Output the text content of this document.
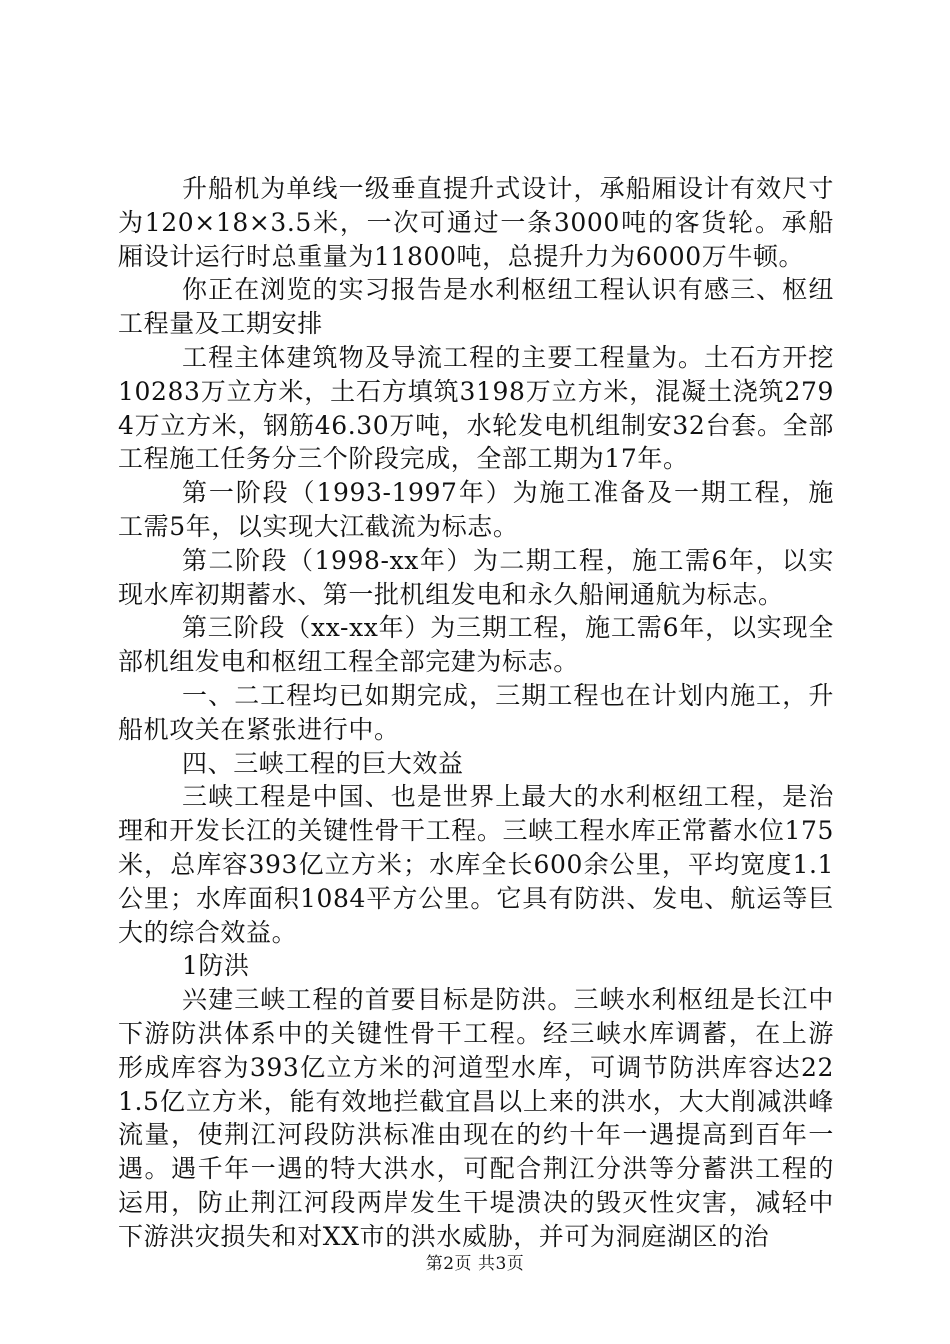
升船机为单线一级垂直提升式设计，承船厢设计有效尺寸为120×18×3.5米，一次可通过一条3000吨的客货轮。承船厢设计运行时总重量为11800吨，总提升力为6000万牛顿。

你正在浏览的实习报告是水利枢纽工程认识有感三、枢纽工程量及工期安排

工程主体建筑物及导流工程的主要工程量为。土石方开挖10283万立方米，土石方填筑3198万立方米，混凝土浇筑2794万立方米，钢筋46.30万吨，水轮发电机组制安32台套。全部工程施工任务分三个阶段完成，全部工期为17年。

第一阶段（1993-1997年）为施工准备及一期工程，施工需5年，以实现大江截流为标志。

第二阶段（1998-xx年）为二期工程，施工需6年，以实现水库初期蓄水、第一批机组发电和永久船闸通航为标志。

第三阶段（xx-xx年）为三期工程，施工需6年，以实现全部机组发电和枢纽工程全部完建为标志。

一、二工程均已如期完成，三期工程也在计划内施工，升船机攻关在紧张进行中。

四、三峡工程的巨大效益

三峡工程是中国、也是世界上最大的水利枢纽工程，是治理和开发长江的关键性骨干工程。三峡工程水库正常蓄水位175米，总库容393亿立方米；水库全长600余公里，平均宽度1.1公里；水库面积1084平方公里。它具有防洪、发电、航运等巨大的综合效益。

1防洪

兴建三峡工程的首要目标是防洪。三峡水利枢纽是长江中下游防洪体系中的关键性骨干工程。经三峡水库调蓄，在上游形成库容为393亿立方米的河道型水库，可调节防洪库容达221.5亿立方米，能有效地拦截宜昌以上来的洪水，大大削减洪峰流量，使荆江河段防洪标准由现在的约十年一遇提高到百年一遇。遇千年一遇的特大洪水，可配合荆江分洪等分蓄洪工程的运用，防止荆江河段两岸发生干堤溃决的毁灭性灾害，减轻中下游洪灾损失和对XX市的洪水威胁，并可为洞庭湖区的治

第2页 共3页
